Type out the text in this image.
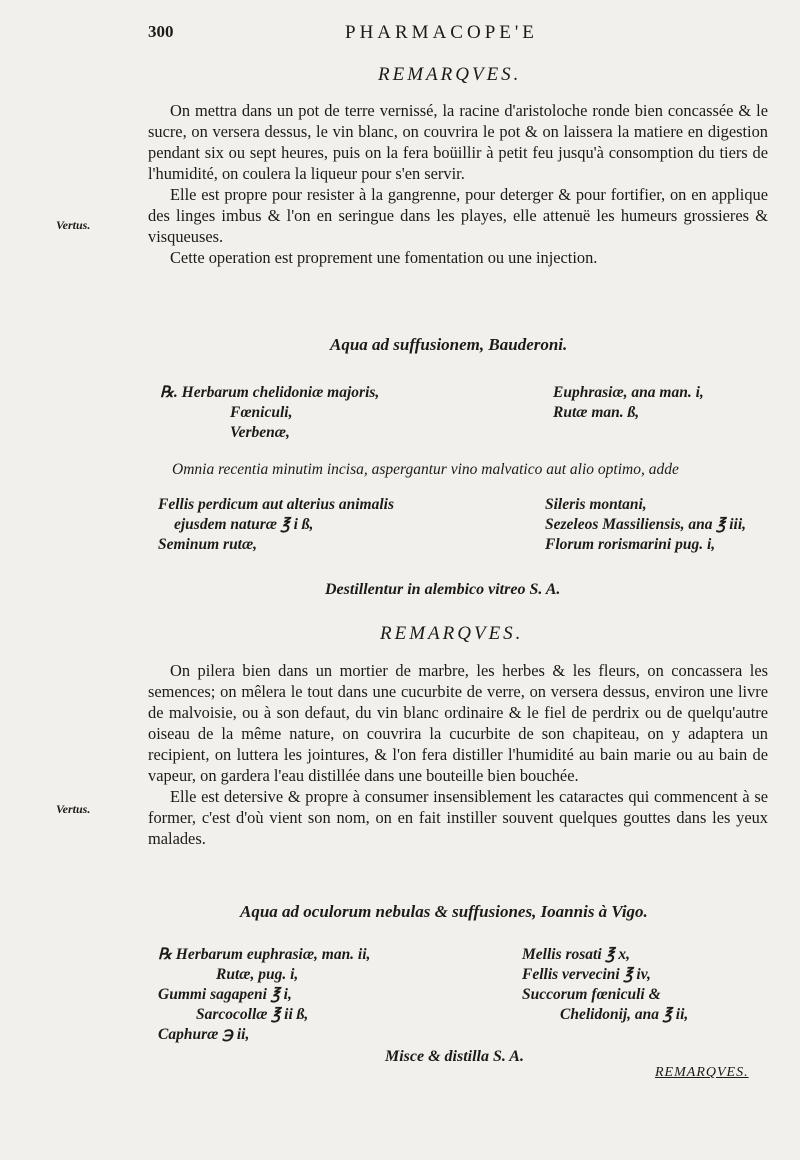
300	PHARMACOPE'E
REMARQVES.

On mettra dans un pot de terre vernissé, la racine d'aristoloche ronde bien concassée & le sucre, on versera dessus, le vin blanc, on couvrira le pot & on laissera la matiere en digestion pendant six ou sept heures, puis on la fera boüillir à petit feu jusqu'à consomption du tiers de l'humidité, on coulera la liqueur pour s'en servir.

Elle est propre pour resister à la gangrenne, pour deterger & pour fortifier, on en applique des linges imbus & l'on en seringue dans les playes, elle attenuë les humeurs grossieres & visqueuses.

Cette operation est proprement une fomentation ou une injection.

Vertus.
Aqua ad suffusionem, Bauderoni.
℞. Herbarum chelidoniæ majoris,
Fœniculi,
Verbenæ,
Euphrasiæ, ana man. i,
Rutæ man. ß,
Omnia recentia minutim incisa, aspergantur vino malvatico aut alio optimo, adde
Fellis perdicum aut alterius animalis
ejusdem naturæ ℥ i ß,
Seminum rutæ,
Sileris montani,
Sezeleos Massiliensis, ana ℥ iii,
Florum rorismarini pug. i,
Destillentur in alembico vitreo S. A.
REMARQVES.

On pilera bien dans un mortier de marbre, les herbes & les fleurs, on concassera les semences; on mêlera le tout dans une cucurbite de verre, on versera dessus, environ une livre de malvoisie, ou à son defaut, du vin blanc ordinaire & le fiel de perdrix ou de quelqu'autre oiseau de la même nature, on couvrira la cucurbite de son chapiteau, on y adaptera un recipient, on luttera les jointures, & l'on fera distiller l'humidité au bain marie ou au bain de vapeur, on gardera l'eau distillée dans une bouteille bien bouchée.

Elle est detersive & propre à consumer insensiblement les cataractes qui commencent à se former, c'est d'où vient son nom, on en fait instiller souvent quelques gouttes dans les yeux malades.

Vertus.
Aqua ad oculorum nebulas & suffusiones, Ioannis à Vigo.
℞ Herbarum euphrasiæ, man. ii,
Rutæ, pug. i,
Gummi sagapeni ℥ i,
Sarcocollæ ℥ ii ß,
Caphuræ ℈ ii,
Mellis rosati ℥ x,
Fellis vervecini ℥ iv,
Succorum fœniculi &
Chelidonij, ana ℥ ii,
Misce & distilla S. A.
REMARQVES.
